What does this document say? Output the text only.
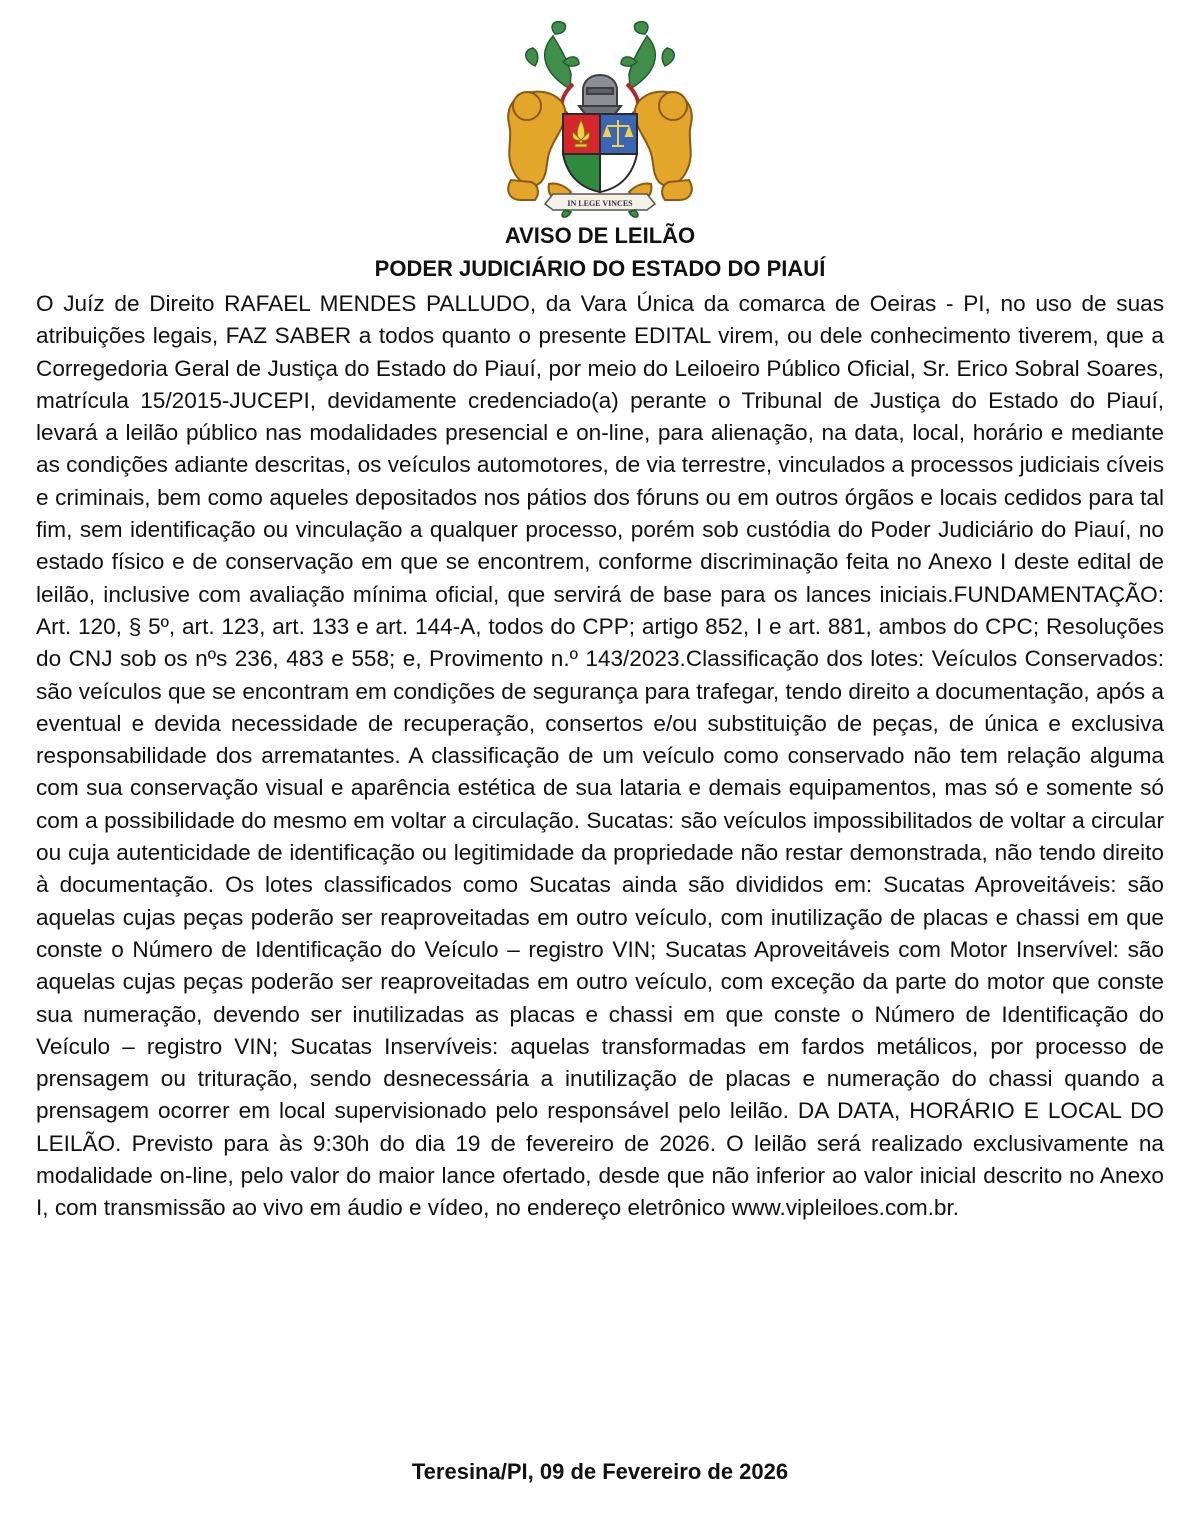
IN LEGE VINCES
AVISO DE LEILÃO
PODER JUDICIÁRIO DO ESTADO DO PIAUÍ

O Juíz de Direito RAFAEL MENDES PALLUDO, da Vara Única da comarca de Oeiras - PI, no uso de suas atribuições legais, FAZ SABER a todos quanto o presente EDITAL virem, ou dele conhecimento tiverem, que a Corregedoria Geral de Justiça do Estado do Piauí, por meio do Leiloeiro Público Oficial, Sr. Erico Sobral Soares, matrícula 15/2015-JUCEPI, devidamente credenciado(a) perante o Tribunal de Justiça do Estado do Piauí, levará a leilão público nas modalidades presencial e on-line, para alienação, na data, local, horário e mediante as condições adiante descritas, os veículos automotores, de via terrestre, vinculados a processos judiciais cíveis e criminais, bem como aqueles depositados nos pátios dos fóruns ou em outros órgãos e locais cedidos para tal fim, sem identificação ou vinculação a qualquer processo, porém sob custódia do Poder Judiciário do Piauí, no estado físico e de conservação em que se encontrem, conforme discriminação feita no Anexo I deste edital de leilão, inclusive com avaliação mínima oficial, que servirá de base para os lances iniciais.FUNDAMENTAÇÃO: Art. 120, § 5º, art. 123, art. 133 e art. 144-A, todos do CPP; artigo 852, I e art. 881, ambos do CPC; Resoluções do CNJ sob os nºs 236, 483 e 558; e, Provimento n.º 143/2023.Classificação dos lotes: Veículos Conservados: são veículos que se encontram em condições de segurança para trafegar, tendo direito a documentação, após a eventual e devida necessidade de recuperação, consertos e/ou substituição de peças, de única e exclusiva responsabilidade dos arrematantes. A classificação de um veículo como conservado não tem relação alguma com sua conservação visual e aparência estética de sua lataria e demais equipamentos, mas só e somente só com a possibilidade do mesmo em voltar a circulação. Sucatas: são veículos impossibilitados de voltar a circular ou cuja autenticidade de identificação ou legitimidade da propriedade não restar demonstrada, não tendo direito à documentação. Os lotes classificados como Sucatas ainda são divididos em: Sucatas Aproveitáveis: são aquelas cujas peças poderão ser reaproveitadas em outro veículo, com inutilização de placas e chassi em que conste o Número de Identificação do Veículo – registro VIN; Sucatas Aproveitáveis com Motor Inservível: são aquelas cujas peças poderão ser reaproveitadas em outro veículo, com exceção da parte do motor que conste sua numeração, devendo ser inutilizadas as placas e chassi em que conste o Número de Identificação do Veículo – registro VIN; Sucatas Inservíveis: aquelas transformadas em fardos metálicos, por processo de prensagem ou trituração, sendo desnecessária a inutilização de placas e numeração do chassi quando a prensagem ocorrer em local supervisionado pelo responsável pelo leilão. DA DATA, HORÁRIO E LOCAL DO LEILÃO. Previsto para às 9:30h do dia 19 de fevereiro de 2026. O leilão será realizado exclusivamente na modalidade on-line, pelo valor do maior lance ofertado, desde que não inferior ao valor inicial descrito no Anexo I, com transmissão ao vivo em áudio e vídeo, no endereço eletrônico www.vipleiloes.com.br.

Teresina/PI, 09 de Fevereiro de 2026
